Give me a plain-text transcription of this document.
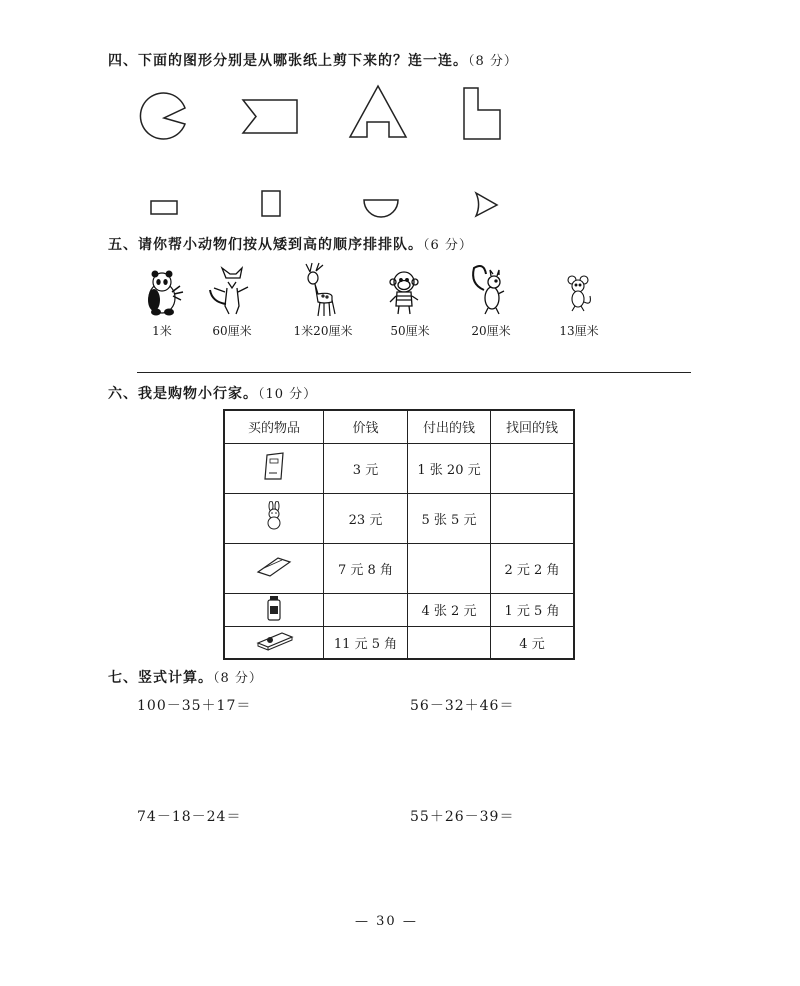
四、下面的图形分别是从哪张纸上剪下来的？连一连。（8 分）
五、请你帮小动物们按从矮到高的顺序排排队。（6 分）
1米	60厘米	1米20厘米	50厘米	20厘米	13厘米
六、我是购物小行家。（10 分）
买的物品	价钱	付出的钱	找回的钱
	3 元	1 张 20 元	
	23 元	5 张 5 元	
	7 元 8 角		2 元 2 角
		4 张 2 元	1 元 5 角
	11 元 5 角		4 元
七、竖式计算。（8 分）
100－35＋17＝	56－32＋46＝
74－18－24＝	55＋26－39＝
— 30 —
